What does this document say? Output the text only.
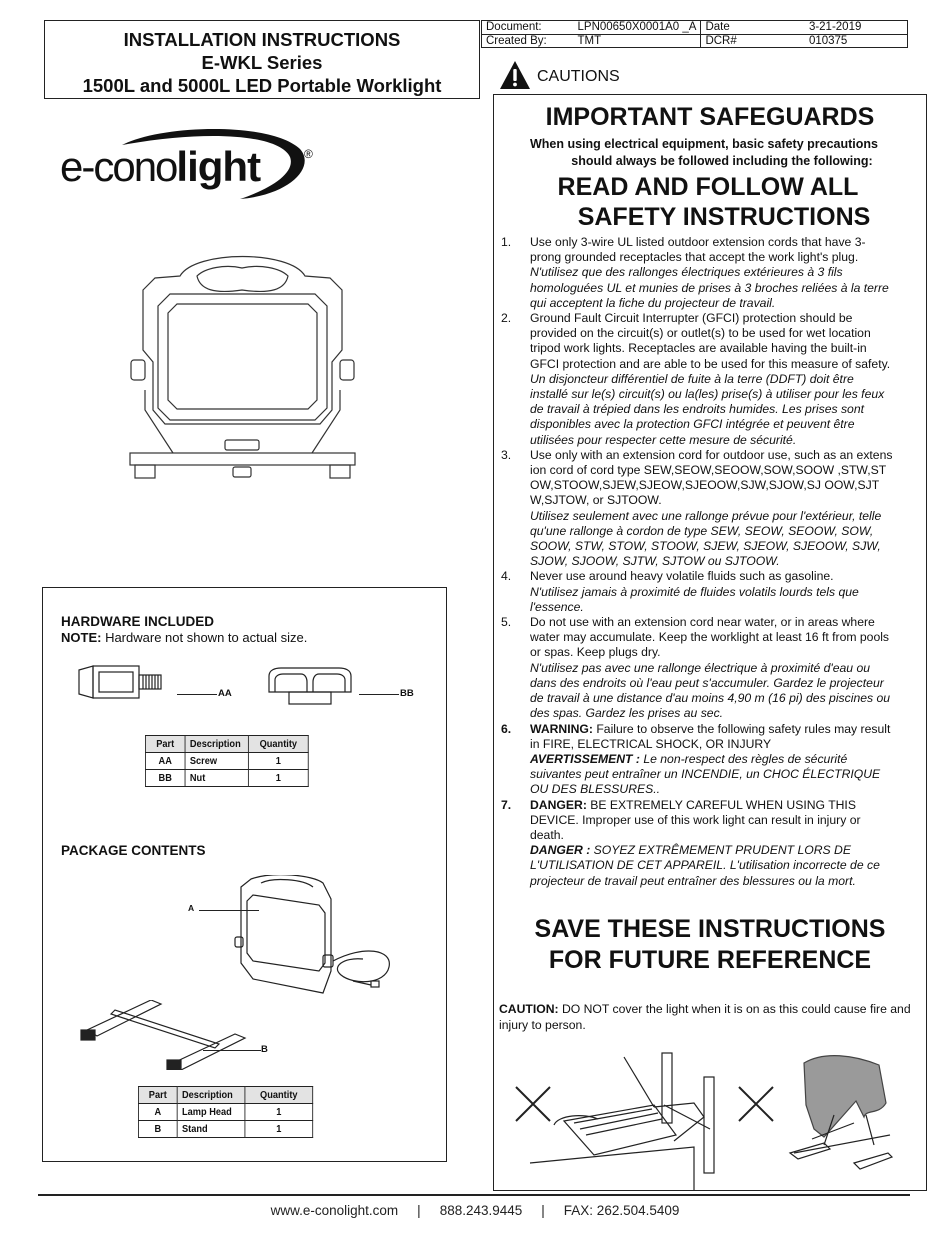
INSTALLATION INSTRUCTIONS
E-WKL Series
1500L and 5000L LED Portable Worklight
Document:	LPN00650X0001A0 _A	Date	3-21-2019
Created By:	TMT	DCR#	010375
e-conolight	®
HARDWARE INCLUDED
NOTE: Hardware not shown to actual size.
AA	BB
Part	Description	Quantity
AA	Screw	1
BB	Nut	1
PACKAGE CONTENTS
A
B
Part	Description	Quantity
A	Lamp Head	1
B	Stand	1
CAUTIONS
IMPORTANT SAFEGUARDS
When using electrical equipment, basic safety precautions
should always be followed including the following:
READ AND FOLLOW ALL
SAFETY INSTRUCTIONS
1.	Use only 3-wire UL listed outdoor extension cords that have 3-prong grounded receptacles that accept the work light's plug.
N'utilisez que des rallonges électriques extérieures à 3 fils homologuées UL et munies de prises à 3 broches reliées à la terre qui acceptent la fiche du projecteur de travail.
2.	Ground Fault Circuit Interrupter (GFCI) protection should be provided on the circuit(s) or outlet(s) to be used for wet location tripod work lights. Receptacles are available having the built-in GFCI protection and are able to be used for this measure of safety.
Un disjoncteur différentiel de fuite à la terre (DDFT) doit être installé sur le(s) circuit(s) ou la(les) prise(s) à utiliser pour les feux de travail à trépied dans les endroits humides. Les prises sont disponibles avec la protection GFCI intégrée et peuvent être utilisées pour respecter cette mesure de sécurité.
3.	Use only with an extension cord for outdoor use, such as an extension cord of cord type SEW,SEOW,SEOOW,SOW,SOOW ,STW,STOW,STOOW,SJEW,SJEOW,SJEOOW,SJW,SJOW,SJ OOW,SJTW,SJTOW, or SJTOOW.
Utilisez seulement avec une rallonge prévue pour l'extérieur, telle qu'une rallonge à cordon de type SEW, SEOW, SEOOW, SOW, SOOW, STW, STOW, STOOW, SJEW, SJEOW, SJEOOW, SJW, SJOW, SJOOW, SJTW, SJTOW ou SJTOOW.
4.	Never use around heavy volatile fluids such as gasoline.
N'utilisez jamais à proximité de fluides volatils lourds tels que l'essence.
5.	Do not use with an extension cord near water, or in areas where water may accumulate. Keep the worklight at least 16 ft from pools or spas. Keep plugs dry.
N'utilisez pas avec une rallonge électrique à proximité d'eau ou dans des endroits où l'eau peut s'accumuler. Gardez le projecteur de travail à une distance d'au moins 4,90 m (16 pi) des piscines ou des spas. Gardez les prises au sec.
6.	WARNING: Failure to observe the following safety rules may result in FIRE, ELECTRICAL SHOCK, OR INJURY
AVERTISSEMENT : Le non-respect des règles de sécurité suivantes peut entraîner un INCENDIE, un CHOC ÉLECTRIQUE OU DES BLESSURES..
7.	DANGER: BE EXTREMELY CAREFUL WHEN USING THIS DEVICE. Improper use of this work light can result in injury or death.
DANGER : SOYEZ EXTRÊMEMENT PRUDENT LORS DE L'UTILISATION DE CET APPAREIL. L'utilisation incorrecte de ce projecteur de travail peut entraîner des blessures ou la mort.
SAVE THESE INSTRUCTIONS
FOR FUTURE REFERENCE
CAUTION: DO NOT cover the light when it is on as this could cause fire and injury to person.
www.e-conolight.com | 888.243.9445 | FAX: 262.504.5409
